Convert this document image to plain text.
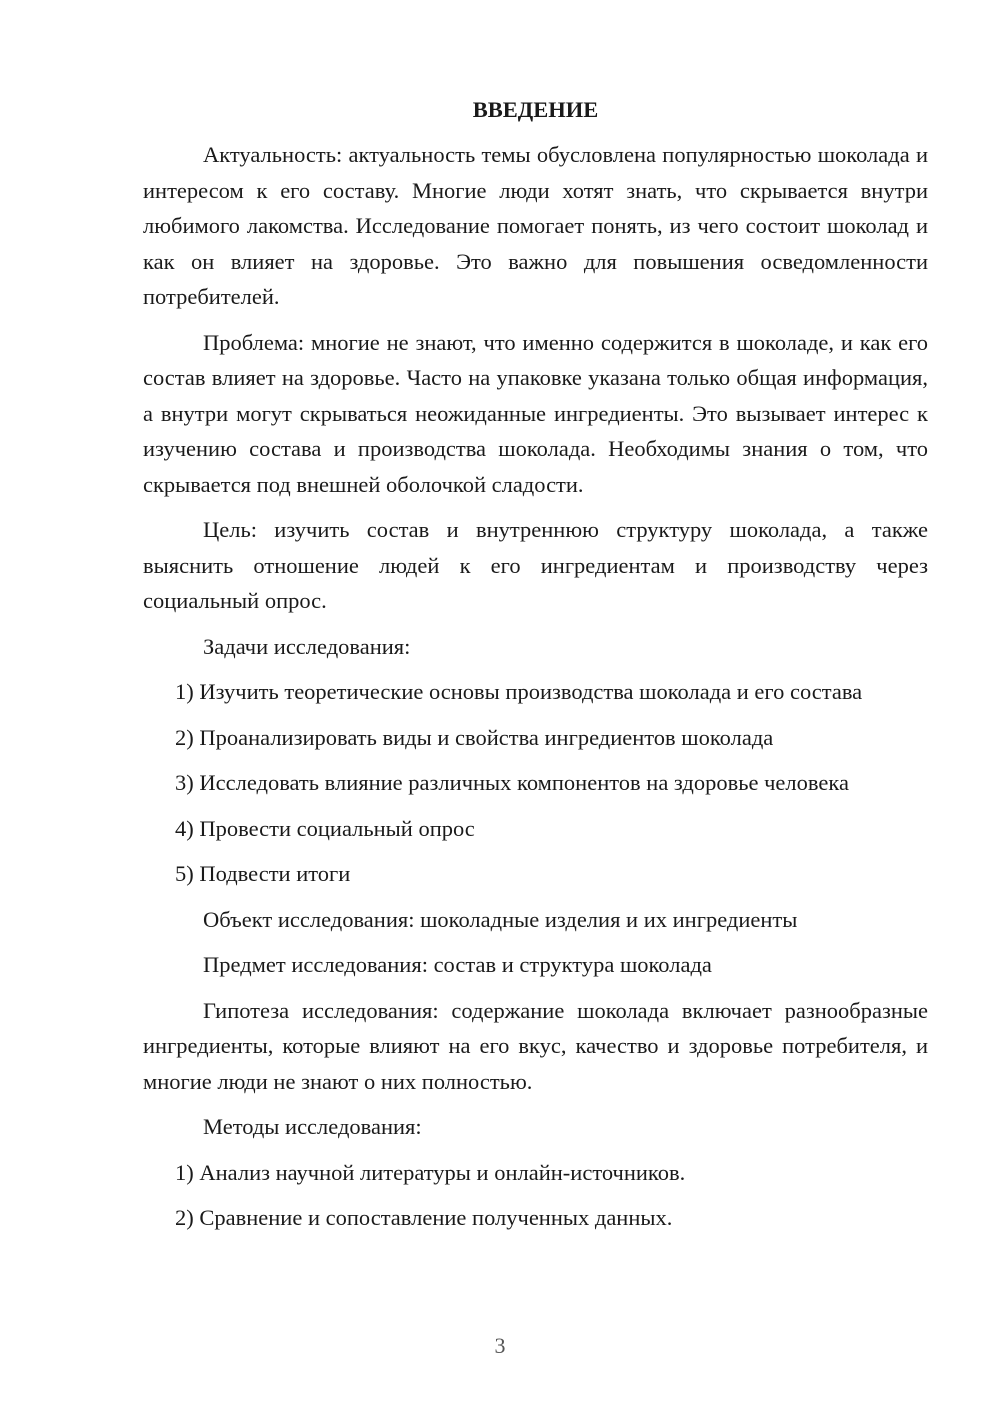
ВВЕДЕНИЕ

Актуальность: актуальность темы обусловлена популярностью шоколада и интересом к его составу. Многие люди хотят знать, что скрывается внутри любимого лакомства. Исследование помогает понять, из чего состоит шоколад и как он влияет на здоровье. Это важно для повышения осведомленности потребителей.

Проблема: многие не знают, что именно содержится в шоколаде, и как его состав влияет на здоровье. Часто на упаковке указана только общая информация, а внутри могут скрываться неожиданные ингредиенты. Это вызывает интерес к изучению состава и производства шоколада. Необходимы знания о том, что скрывается под внешней оболочкой сладости.

Цель: изучить состав и внутреннюю структуру шоколада, а также выяснить отношение людей к его ингредиентам и производству через социальный опрос.

Задачи исследования:

1) Изучить теоретические основы производства шоколада и его состава

2) Проанализировать виды и свойства ингредиентов шоколада

3) Исследовать влияние различных компонентов на здоровье человека

4) Провести социальный опрос

5) Подвести итоги

Объект исследования: шоколадные изделия и их ингредиенты

Предмет исследования: состав и структура шоколада

Гипотеза исследования: содержание шоколада включает разнообразные ингредиенты, которые влияют на его вкус, качество и здоровье потребителя, и многие люди не знают о них полностью.

Методы исследования:

1) Анализ научной литературы и онлайн-источников.

2) Сравнение и сопоставление полученных данных.

3
